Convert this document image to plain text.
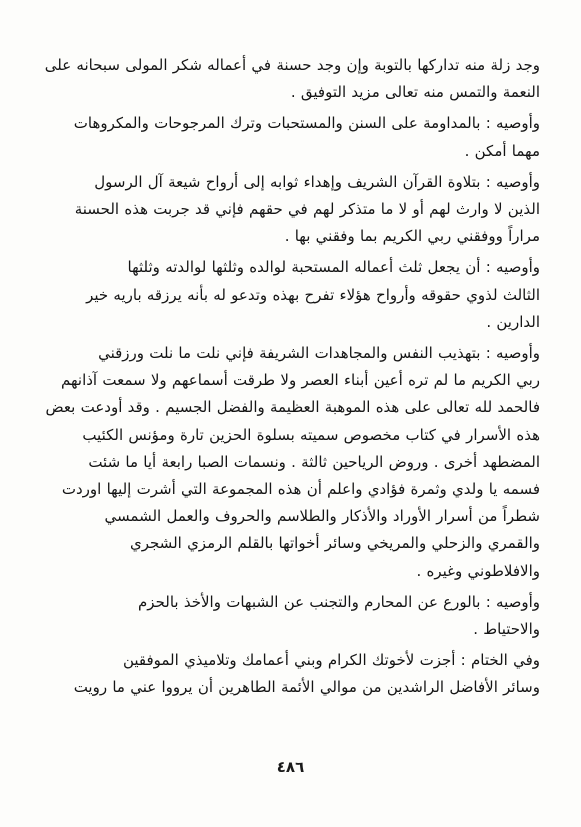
وجد زلة منه تداركها بالتوبة وإن وجد حسنة في أعماله شكر المولى سبحانه على
النعمة والتمس منه تعالى مزيد التوفيق .
وأوصيه : بالمداومة على السنن والمستحبات وترك المرجوحات والمكروهات
مهما أمكن .
وأوصيه : بتلاوة القرآن الشريف وإهداء ثوابه إلى أرواح شيعة آل الرسول
الذين لا وارث لهم أو لا ما متذكر لهم في حقهم فإني قد جربت هذه الحسنة
مراراً ووفقني ربي الكريم بما وفقني بها .
وأوصيه : أن يجعل ثلث أعماله المستحبة لوالده وثلثها لوالدته وثلثها
الثالث لذوي حقوقه وأرواح هؤلاء تفرح بهذه وتدعو له بأنه يرزقه باريه خير
الدارين .
وأوصيه : بتهذيب النفس والمجاهدات الشريفة فإني نلت ما نلت ورزقني
ربي الكريم ما لم تره أعين أبناء العصر ولا طرقت أسماعهم ولا سمعت آذانهم
فالحمد لله تعالى على هذه الموهبة العظيمة والفضل الجسيم . وقد أودعت بعض
هذه الأسرار في كتاب مخصوص سميته بسلوة الحزين تارة ومؤنس الكئيب
المضطهد أخرى . وروض الرياحين ثالثة . ونسمات الصبا رابعة أيا ما شئت
فسمه يا ولدي وثمرة فؤادي واعلم أن هذه المجموعة التي أشرت إليها اوردت
شطراً من أسرار الأوراد والأذكار والطلاسم والحروف والعمل الشمسي
والقمري والزحلي والمريخي وسائر أخواتها بالقلم الرمزي الشجري
والافلاطوني وغيره .
وأوصيه : بالورع عن المحارم والتجنب عن الشبهات والأخذ بالحزم
والاحتياط .
وفي الختام : أجزت لأخوتك الكرام وبني أعمامك وتلاميذي الموفقين
وسائر الأفاضل الراشدين من موالي الأئمة الطاهرين أن يرووا عني ما رويت
٤٨٦
